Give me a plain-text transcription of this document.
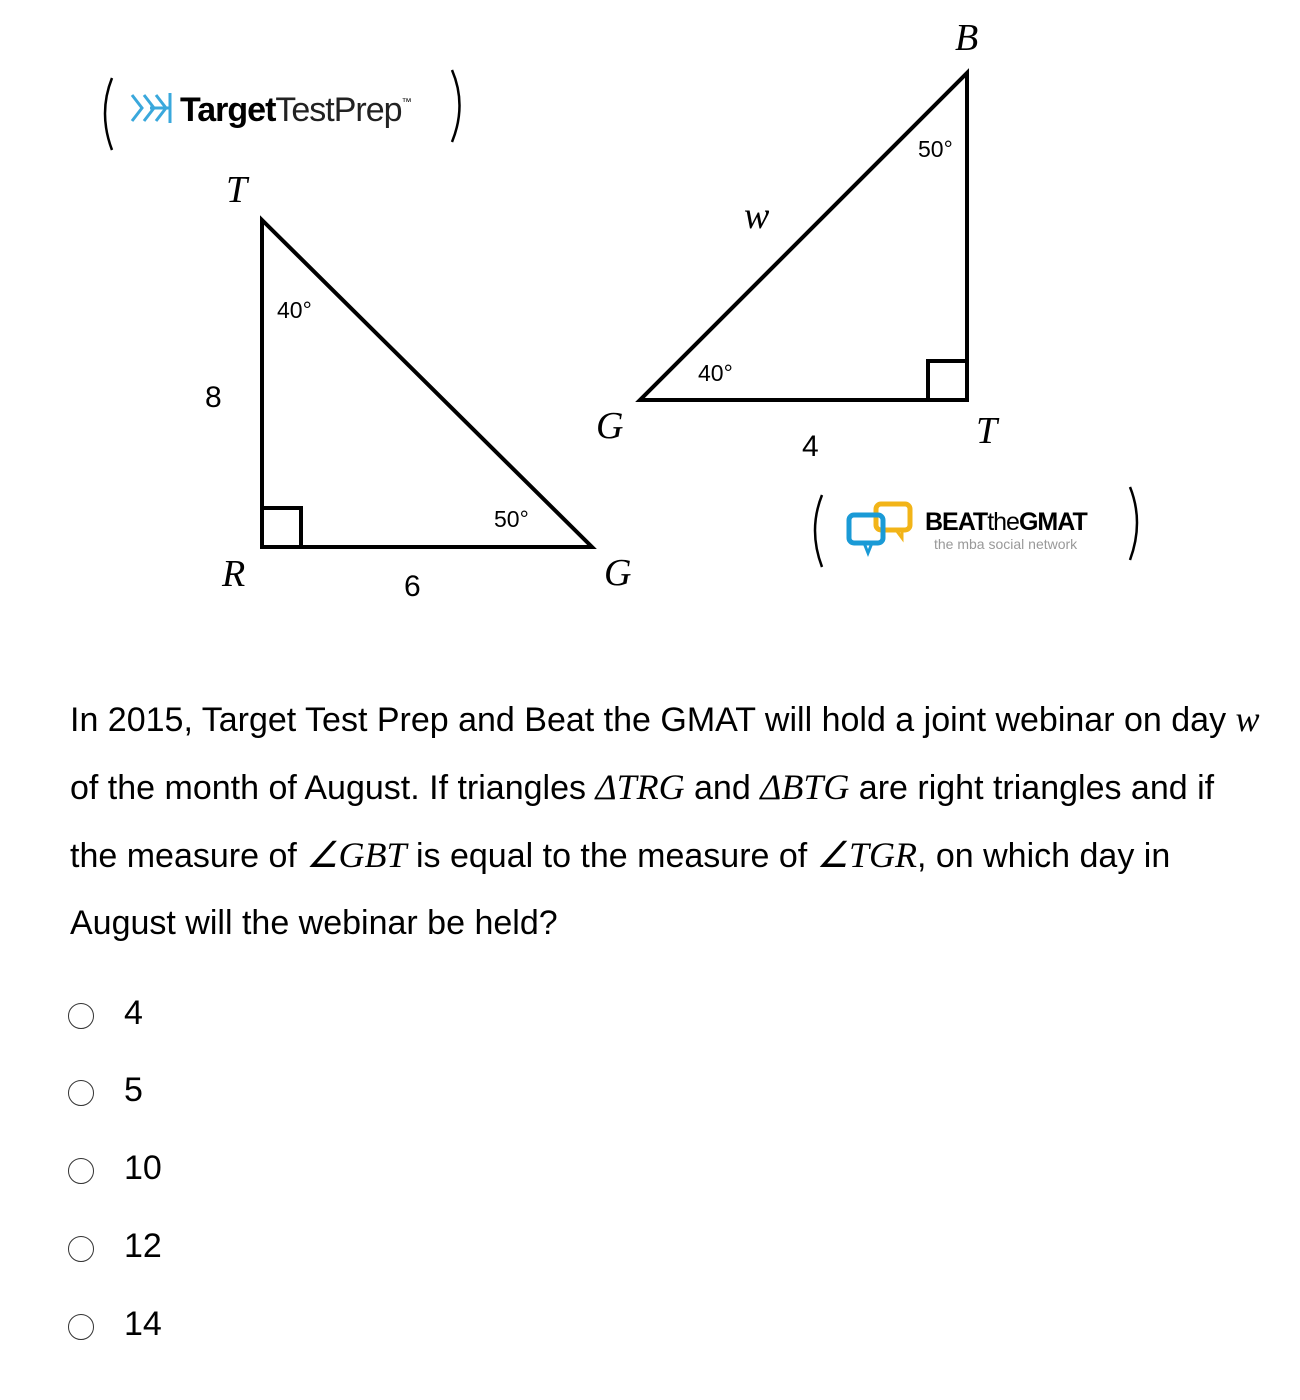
TargetTestPrep™
T
R	G
8
6
40°
50°
B
G	T
w
4
50°
40°
BEATtheGMAT
the mba social network
In 2015, Target Test Prep and Beat the GMAT will hold a joint webinar on day w of the month of August. If triangles ΔTRG and ΔBTG are right triangles and if the measure of ∠GBT is equal to the measure of ∠TGR, on which day in August will the webinar be held?
4
5
10
12
14
